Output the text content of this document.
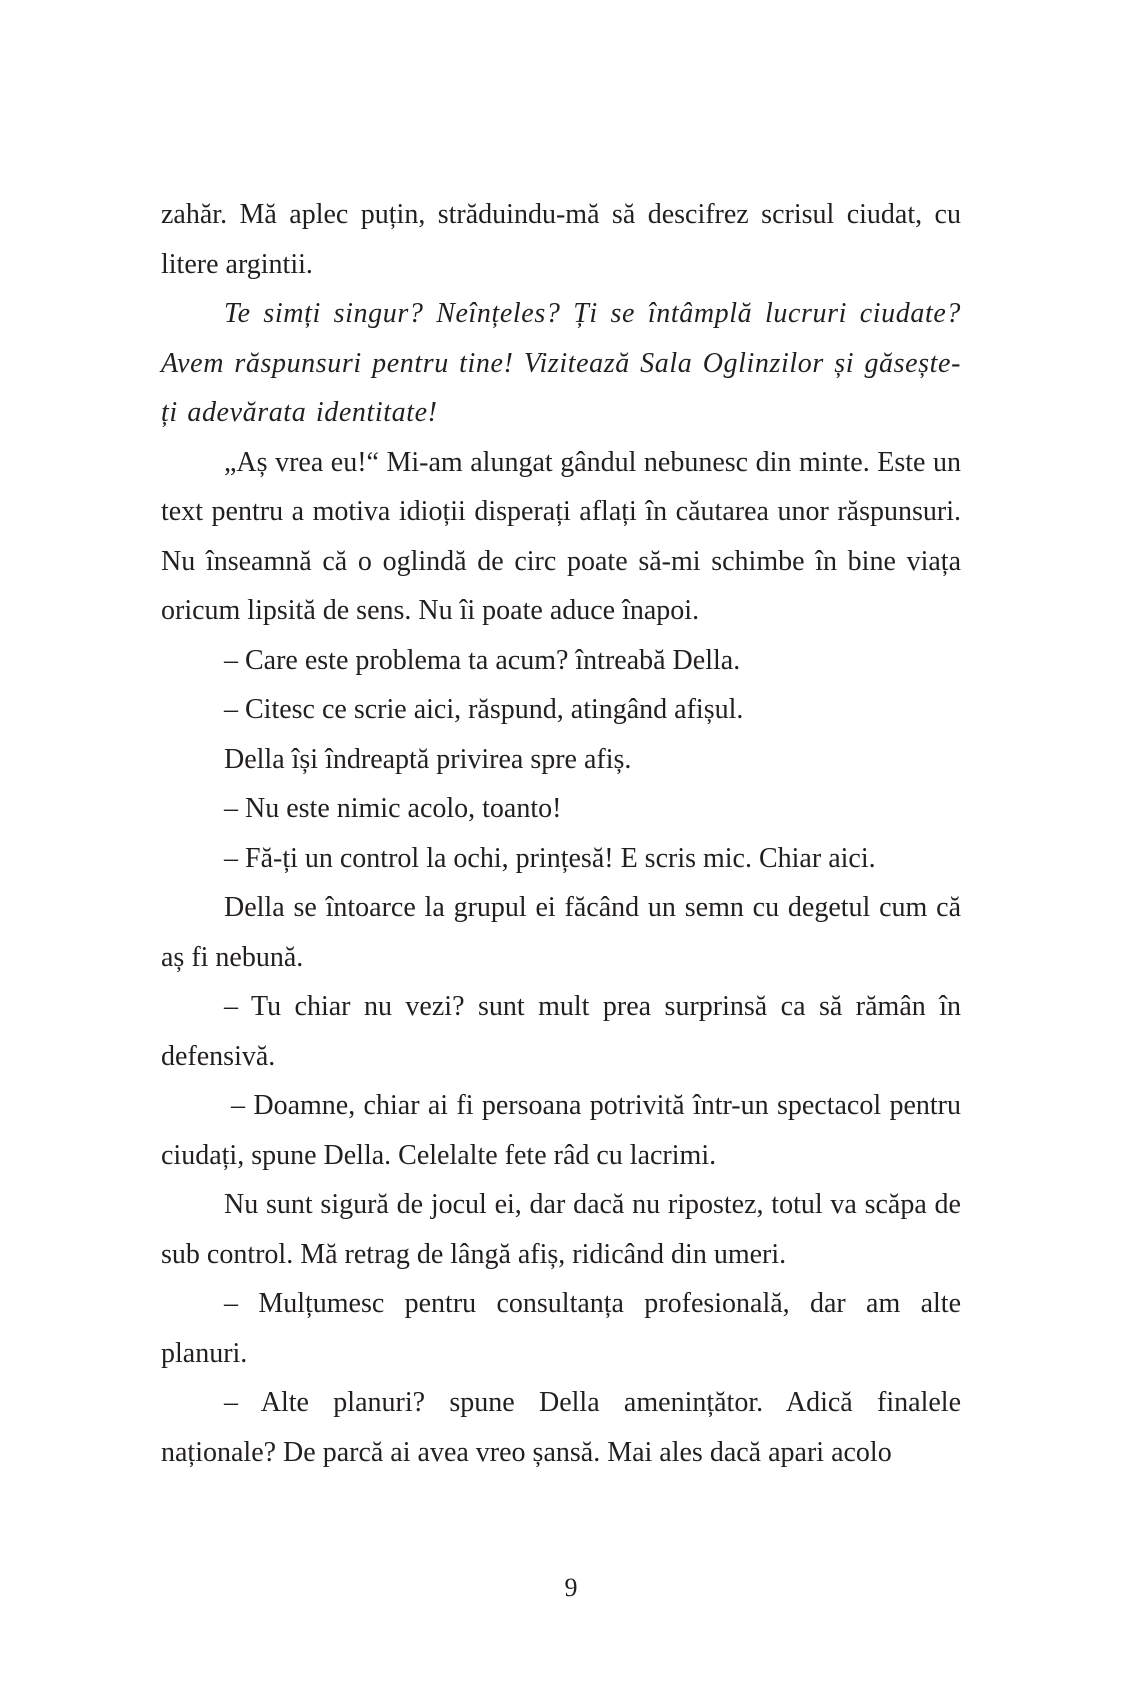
zahăr. Mă aplec puțin, străduindu-mă să descifrez scrisul ciudat, cu litere argintii.

Te simți singur? Neînțeles? Ți se întâmplă lucruri ciudate? Avem răspunsuri pentru tine! Vizitează Sala Oglinzilor și găsește-ți adevărata identitate!

„Aș vrea eu!“ Mi-am alungat gândul nebunesc din minte. Este un text pentru a motiva idioții disperați aflați în căutarea unor răspunsuri. Nu înseamnă că o oglindă de circ poate să-mi schimbe în bine viața oricum lipsită de sens. Nu îi poate aduce înapoi.

– Care este problema ta acum? întreabă Della.

– Citesc ce scrie aici, răspund, atingând afișul.

Della își îndreaptă privirea spre afiș.

– Nu este nimic acolo, toanto!

– Fă-ți un control la ochi, prințesă! E scris mic. Chiar aici.

Della se întoarce la grupul ei făcând un semn cu degetul cum că aș fi nebună.

– Tu chiar nu vezi? sunt mult prea surprinsă ca să rămân în defensivă.

– Doamne, chiar ai fi persoana potrivită într-un spectacol pentru ciudați, spune Della. Celelalte fete râd cu lacrimi.

Nu sunt sigură de jocul ei, dar dacă nu ripostez, totul va scăpa de sub control. Mă retrag de lângă afiș, ridicând din umeri.

– Mulțumesc pentru consultanța profesională, dar am alte planuri.

– Alte planuri? spune Della amenințător. Adică finalele naționale? De parcă ai avea vreo șansă. Mai ales dacă apari acolo

9
